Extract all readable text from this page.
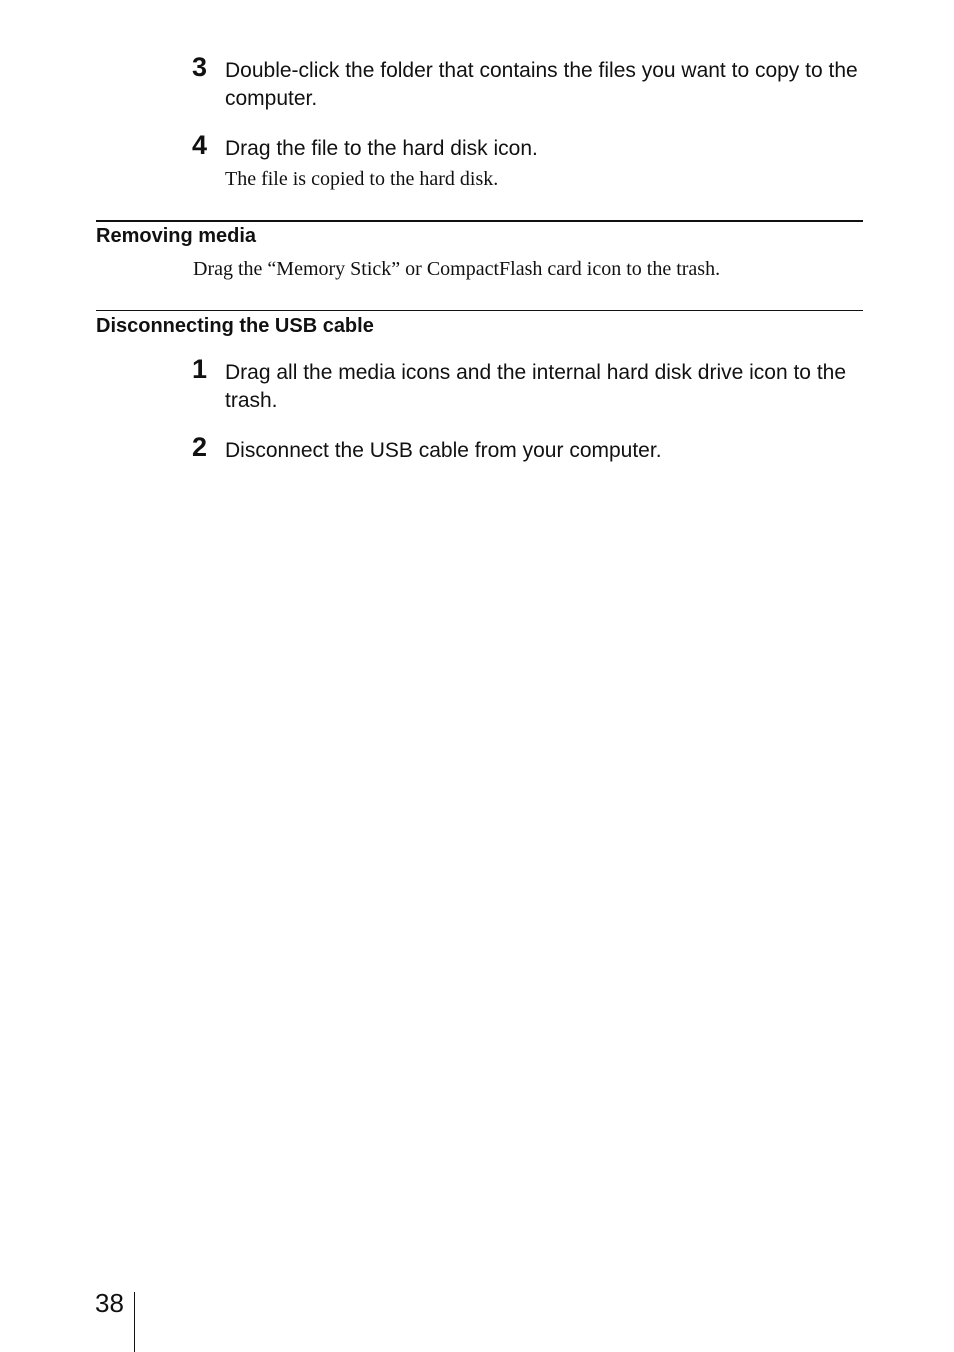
3 Double-click the folder that contains the files you want to copy to the computer.
4 Drag the file to the hard disk icon.
The file is copied to the hard disk.
Removing media
Drag the “Memory Stick” or CompactFlash card icon to the trash.
Disconnecting the USB cable
1 Drag all the media icons and the internal hard disk drive icon to the trash.
2 Disconnect the USB cable from your computer.
38
